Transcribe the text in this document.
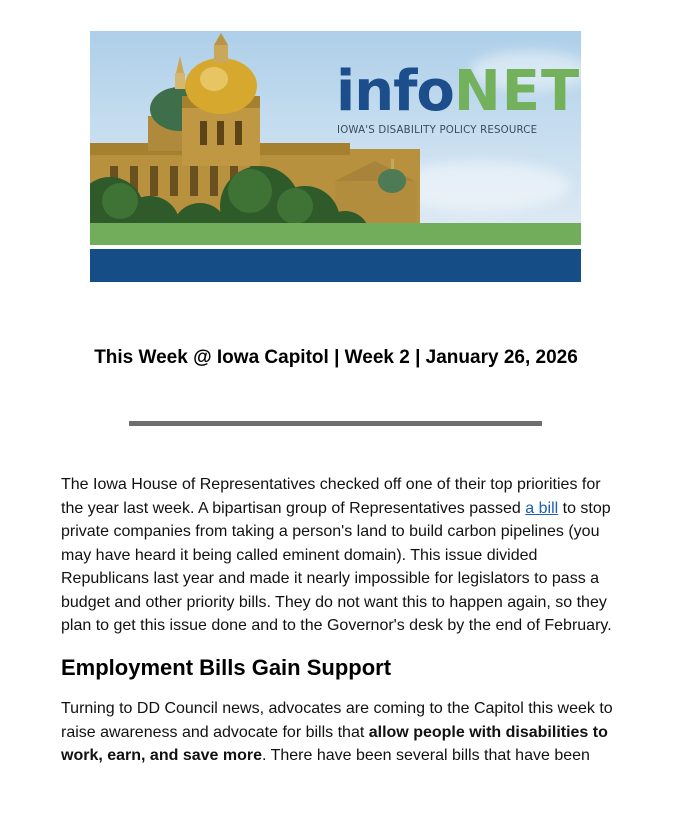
infoNET
IOWA'S DISABILITY POLICY RESOURCE
This Week @ Iowa Capitol | Week 2 | January 26, 2026

The Iowa House of Representatives checked off one of their top priorities for the year last week. A bipartisan group of Representatives passed a bill to stop private companies from taking a person's land to build carbon pipelines (you may have heard it being called eminent domain). This issue divided Republicans last year and made it nearly impossible for legislators to pass a budget and other priority bills. They do not want this to happen again, so they plan to get this issue done and to the Governor's desk by the end of February.

Employment Bills Gain Support

Turning to DD Council news, advocates are coming to the Capitol this week to raise awareness and advocate for bills that allow people with disabilities to work, earn, and save more. There have been several bills that have been
